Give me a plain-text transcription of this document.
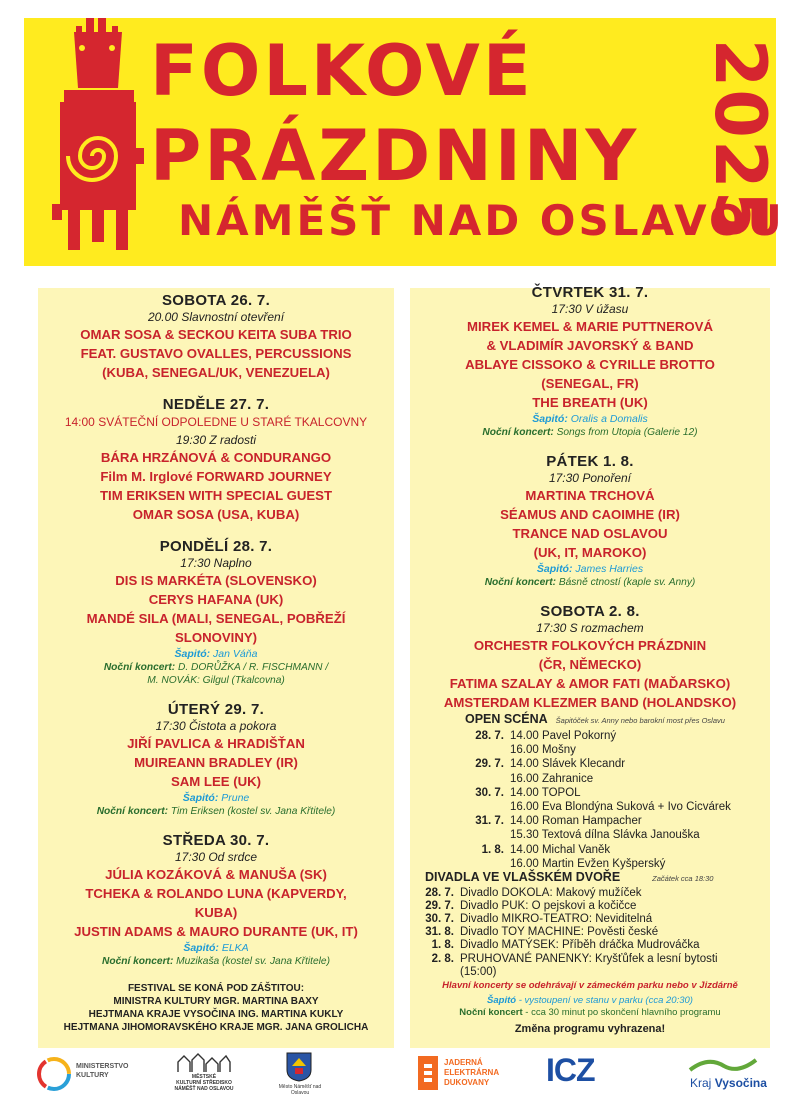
FOLKOVÉ
PRÁZDNINY
NÁMĚŠŤ NAD OSLAVOU
2025
SOBOTA 26. 7.
20.00 Slavnostní otevření
OMAR SOSA & SECKOU KEITA SUBA TRIO
FEAT. GUSTAVO OVALLES, PERCUSSIONS
(KUBA, SENEGAL/UK, VENEZUELA)
NEDĚLE 27. 7.
14:00 SVÁTEČNÍ ODPOLEDNE U STARÉ TKALCOVNY
19:30 Z radosti
BÁRA HRZÁNOVÁ & CONDURANGO
Film M. Irglové FORWARD JOURNEY
TIM ERIKSEN WITH SPECIAL GUEST
OMAR SOSA (USA, KUBA)
PONDĚLÍ 28. 7.
17:30 Naplno
DIS IS MARKÉTA (SLOVENSKO)
CERYS HAFANA (UK)
MANDÉ SILA (MALI, SENEGAL, POBŘEŽÍ
SLONOVINY)
Šapitó: Jan Váňa
Noční koncert: D. DORŮŽKA / R. FISCHMANN /
M. NOVÁK: Gilgul (Tkalcovna)
ÚTERÝ 29. 7.
17:30 Čistota a pokora
JIŘÍ PAVLICA & HRADIŠŤAN
MUIREANN BRADLEY (IR)
SAM LEE (UK)
Šapitó: Prune
Noční koncert: Tim Eriksen (kostel sv. Jana Křtitele)
STŘEDA 30. 7.
17:30 Od srdce
JÚLIA KOZÁKOVÁ & MANUŠA (SK)
TCHEKA & ROLANDO LUNA (KAPVERDY,
KUBA)
JUSTIN ADAMS & MAURO DURANTE (UK, IT)
Šapitó: ELKA
Noční koncert: Muzikaša (kostel sv. Jana Křtitele)
FESTIVAL SE KONÁ POD ZÁŠTITOU:
MINISTRA KULTURY MGR. MARTINA BAXY
HEJTMANA KRAJE VYSOČINA ING. MARTINA KUKLY
HEJTMANA JIHOMORAVSKÉHO KRAJE MGR. JANA GROLICHA
ČTVRTEK 31. 7.
17:30 V úžasu
MIREK KEMEL & MARIE PUTTNEROVÁ
& VLADIMÍR JAVORSKÝ & BAND
ABLAYE CISSOKO & CYRILLE BROTTO
(SENEGAL, FR)
THE BREATH (UK)
Šapitó: Oralis a Domalis
Noční koncert: Songs from Utopia (Galerie 12)
PÁTEK 1. 8.
17:30 Ponoření
MARTINA TRCHOVÁ
SÉAMUS AND CAOIMHE (IR)
TRANCE NAD OSLAVOU
(UK, IT, MAROKO)
Šapitó: James Harries
Noční koncert: Básně ctností (kaple sv. Anny)
SOBOTA 2. 8.
17:30 S rozmachem
ORCHESTR FOLKOVÝCH PRÁZDNIN
(ČR, NĚMECKO)
FATIMA SZALAY & AMOR FATI (MAĎARSKO)
AMSTERDAM KLEZMER BAND (HOLANDSKO)
OPEN SCÉNA Šapitóček sv. Anny nebo barokní most přes Oslavu
28. 7. 14.00 Pavel Pokorný
16.00 Mošny
29. 7. 14.00 Slávek Klecandr
16.00 Zahranice
30. 7. 14.00 TOPOL
16.00 Eva Blondýna Suková + Ivo Cicvárek
31. 7. 14.00 Roman Hampacher
15.30 Textová dílna Slávka Janouška
1. 8. 14.00 Michal Vaněk
16.00 Martin Evžen Kyšperský
DIVADLA VE VLAŠSKÉM DVOŘE	Začátek cca 18:30
28. 7. Divadlo DOKOLA: Makový mužíček
29. 7. Divadlo PUK: O pejskovi a kočičce
30. 7. Divadlo MIKRO-TEATRO: Neviditelná
31. 8. Divadlo TOY MACHINE: Pověsti české
1. 8. Divadlo MATÝSEK: Příběh dráčka Mudrováčka
2. 8. PRUHOVANÉ PANENKY: Kryšťůfek a lesní bytosti
(15:00)
Hlavní koncerty se odehrávají v zámeckém parku nebo v Jizdárně
Šapitó - vystoupení ve stanu v parku (cca 20:30)
Noční koncert - cca 30 minut po skončení hlavního programu
Změna programu vyhrazena!
MINISTERSTVO KULTURY	MĚSTSKÉ
KULTURNÍ STŘEDISKO
NÁMĚŠŤ NAD OSLAVOU	Město Náměšť nad Oslavou
JADERNÁ
ELEKTRÁRNA
DUKOVANY	ICZ	Kraj Vysočina
